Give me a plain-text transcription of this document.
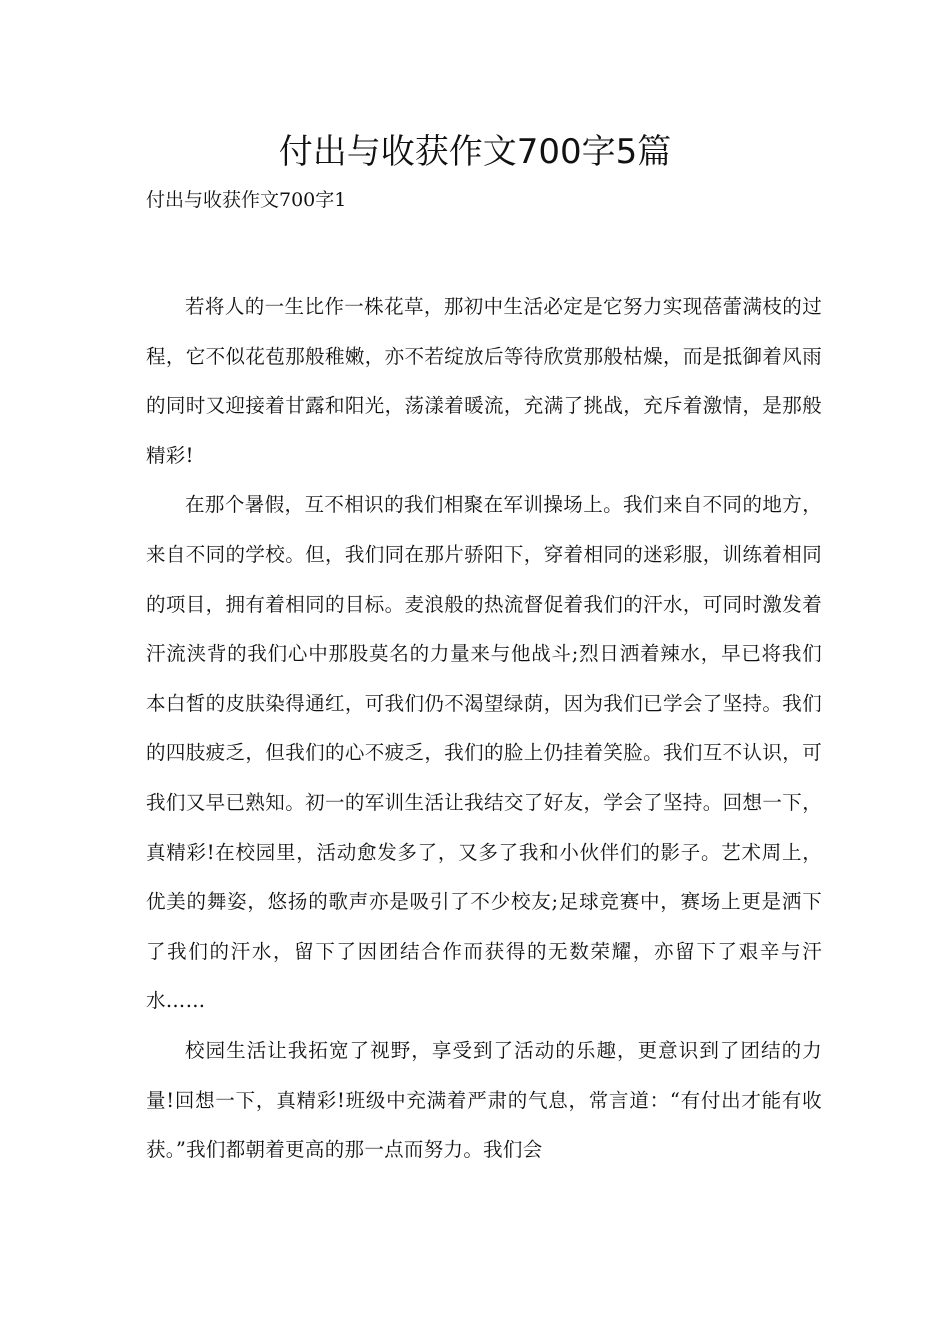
付出与收获作文700字5篇

付出与收获作文700字1

若将人的一生比作一株花草，那初中生活必定是它努力实现蓓蕾满枝的过程，它不似花苞那般稚嫩，亦不若绽放后等待欣赏那般枯燥，而是抵御着风雨的同时又迎接着甘露和阳光，荡漾着暖流，充满了挑战，充斥着激情，是那般精彩!

在那个暑假，互不相识的我们相聚在军训操场上。我们来自不同的地方，来自不同的学校。但，我们同在那片骄阳下，穿着相同的迷彩服，训练着相同的项目，拥有着相同的目标。麦浪般的热流督促着我们的汗水，可同时激发着汗流浃背的我们心中那股莫名的力量来与他战斗;烈日洒着辣水，早已将我们本白皙的皮肤染得通红，可我们仍不渴望绿荫，因为我们已学会了坚持。我们的四肢疲乏，但我们的心不疲乏，我们的脸上仍挂着笑脸。我们互不认识，可我们又早已熟知。初一的军训生活让我结交了好友，学会了坚持。回想一下，真精彩!在校园里，活动愈发多了，又多了我和小伙伴们的影子。艺术周上，优美的舞姿，悠扬的歌声亦是吸引了不少校友;足球竞赛中，赛场上更是洒下了我们的汗水，留下了因团结合作而获得的无数荣耀，亦留下了艰辛与汗水……

校园生活让我拓宽了视野，享受到了活动的乐趣，更意识到了团结的力量!回想一下，真精彩!班级中充满着严肃的气息，常言道：“有付出才能有收获。”我们都朝着更高的那一点而努力。我们会
